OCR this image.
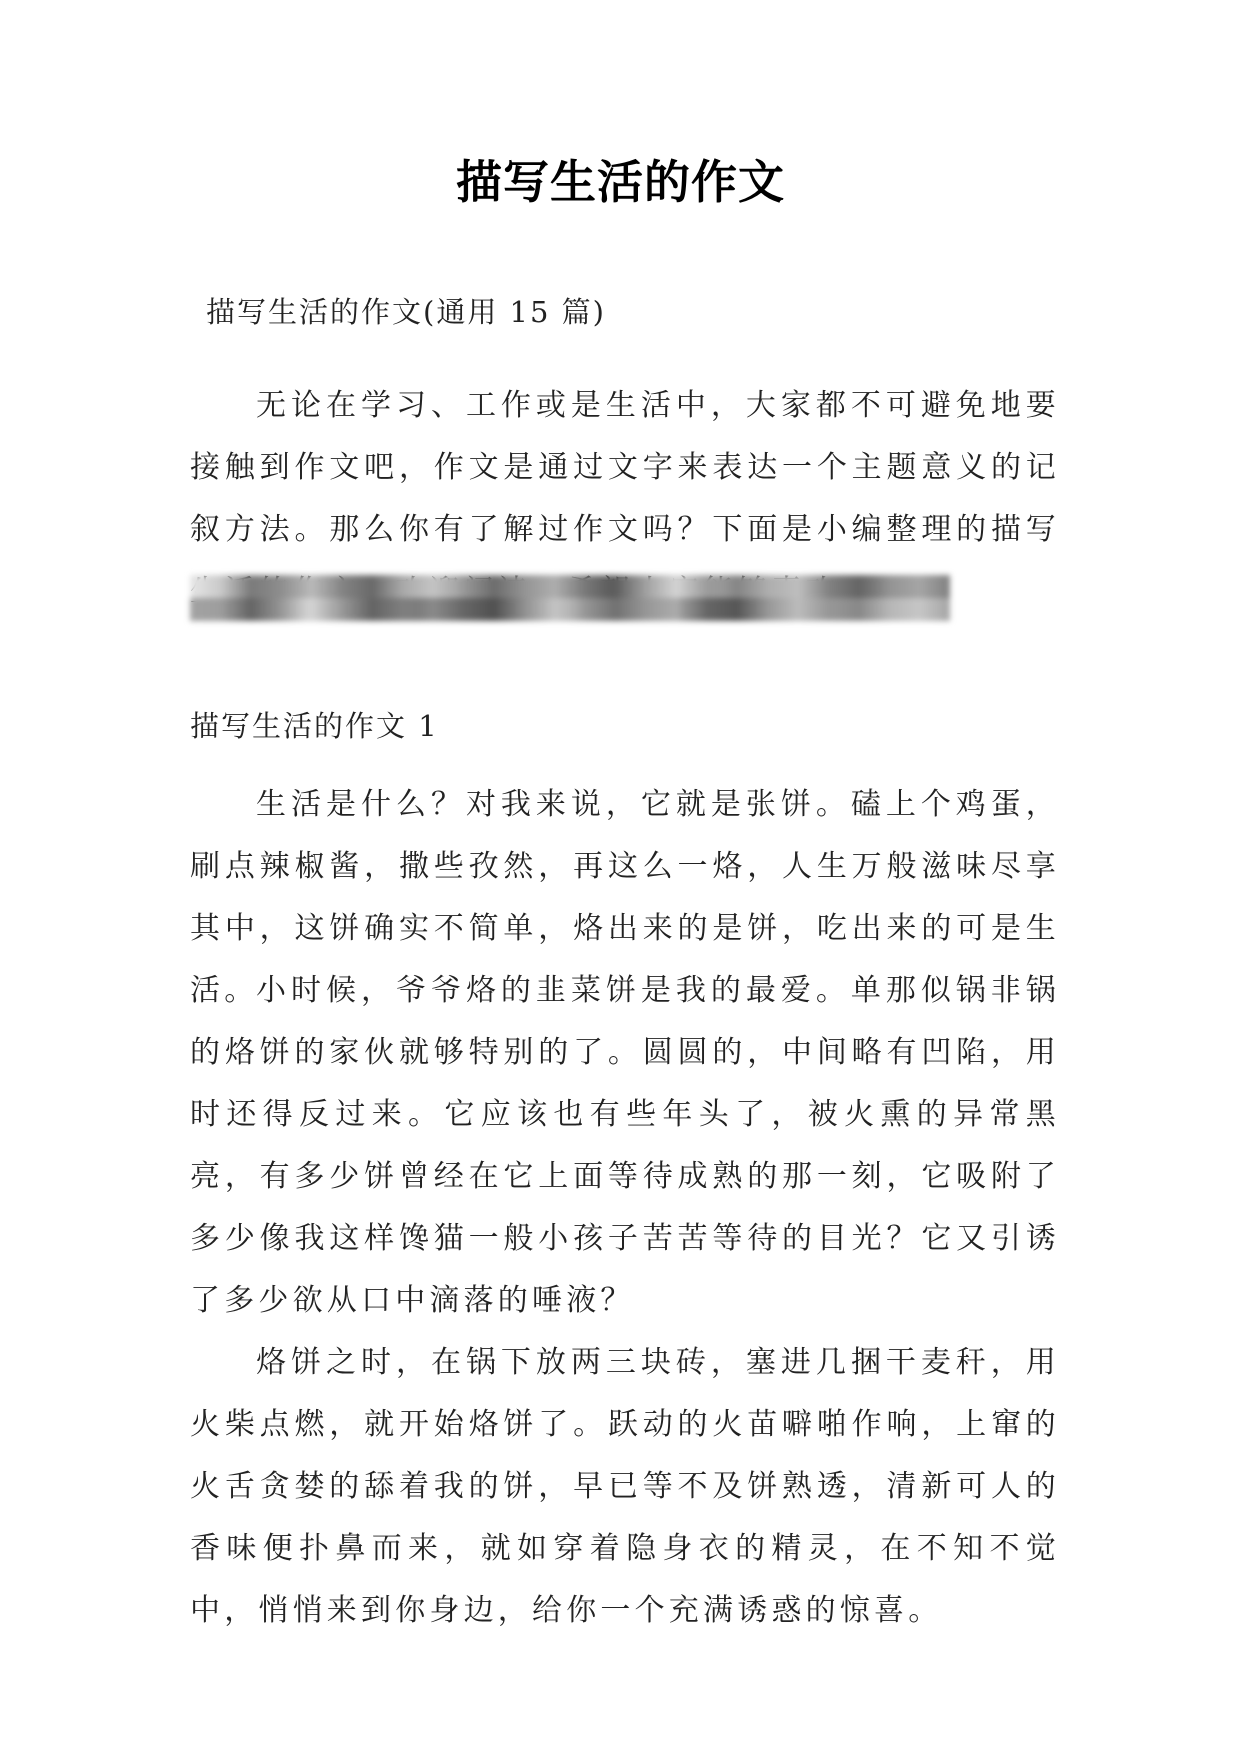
描写生活的作文
描写生活的作文(通用 15 篇)

无论在学习、工作或是生活中，大家都不可避免地要接触到作文吧，作文是通过文字来表达一个主题意义的记叙方法。那么你有了解过作文吗？下面是小编整理的描写

描写生活的作文 1

生活是什么？对我来说，它就是张饼。磕上个鸡蛋，刷点辣椒酱，撒些孜然，再这么一烙，人生万般滋味尽享其中，这饼确实不简单，烙出来的是饼，吃出来的可是生活。

小时候，爷爷烙的韭菜饼是我的最爱。单那似锅非锅的烙饼的家伙就够特别的了。圆圆的，中间略有凹陷，用时还得反过来。它应该也有些年头了，被火熏的异常黑亮，有多少饼曾经在它上面等待成熟的那一刻，它吸附了多少像我这样馋猫一般小孩子苦苦等待的目光？它又引诱了多少欲从口中滴落的唾液？

烙饼之时，在锅下放两三块砖，塞进几捆干麦秆，用火柴点燃，就开始烙饼了。跃动的火苗噼啪作响，上窜的火舌贪婪的舔着我的饼，早已等不及饼熟透，清新可人的香味便扑鼻而来，就如穿着隐身衣的精灵，在不知不觉中，悄悄来到你身边，给你一个充满诱惑的惊喜。
